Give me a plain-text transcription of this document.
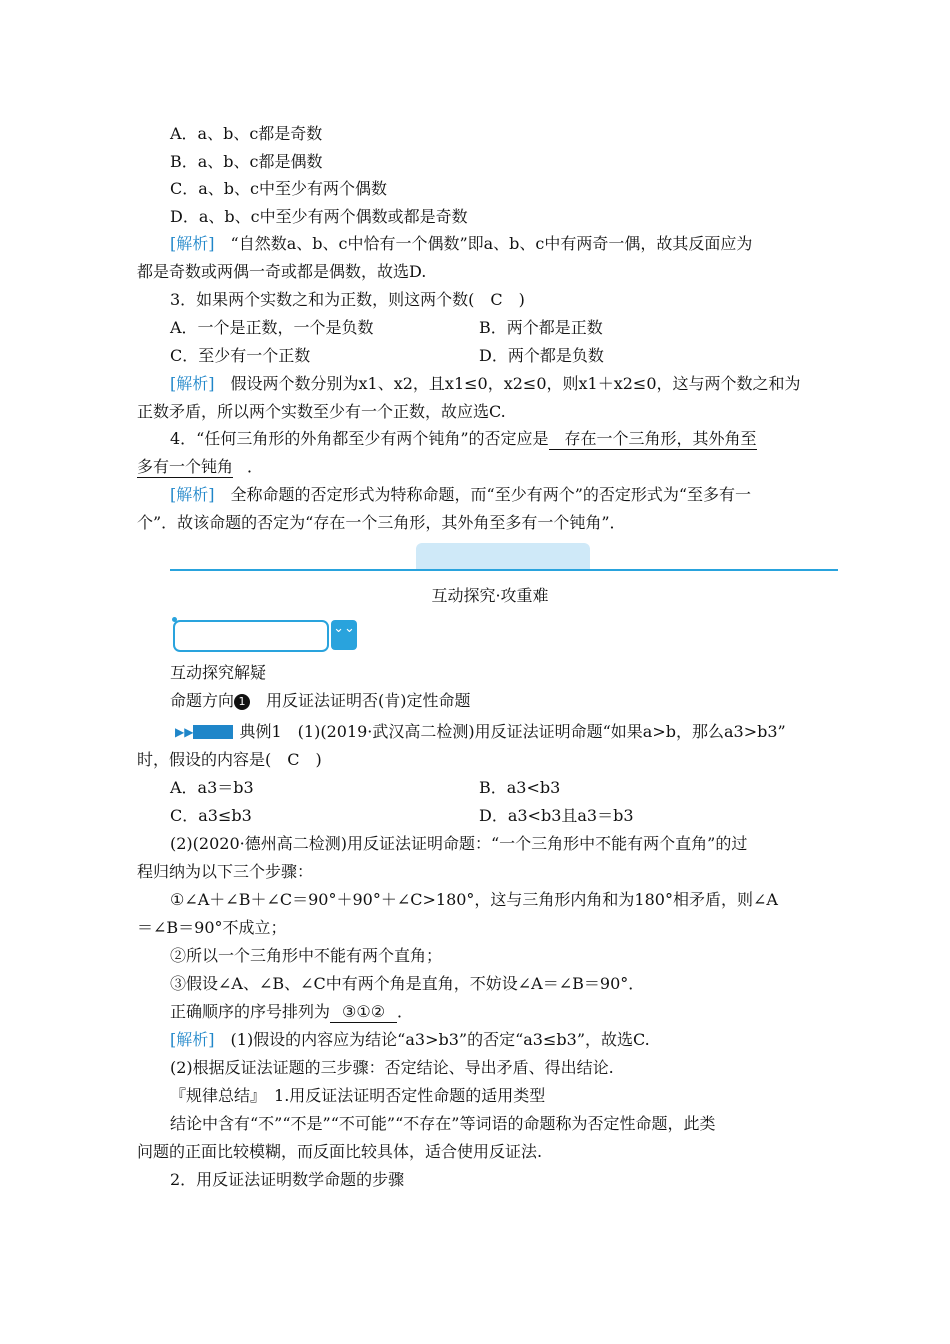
A．a、b、c都是奇数
B．a、b、c都是偶数
C．a、b、c中至少有两个偶数
D．a、b、c中至少有两个偶数或都是奇数
[解析]　 “自然数a、b、c中恰有一个偶数”即a、b、c中有两奇一偶，故其反面应为
都是奇数或两偶一奇或都是偶数，故选D.
3．如果两个实数之和为正数，则这两个数(　C　)
A．一个是正数，一个是负数	B．两个都是正数
C．至少有一个正数	D．两个都是负数
[解析]　 假设两个数分别为x1、x2，且x1≤0，x2≤0，则x1＋x2≤0，这与两个数之和为
正数矛盾，所以两个实数至少有一个正数，故应选C.
4．“任何三角形的外角都至少有两个钝角”的否定应是　存在一个三角形，其外角至
多有一个钝角 ．
[解析]　 全称命题的否定形式为特称命题，而“至少有两个”的否定形式为“至多有一
个”．故该命题的否定为“存在一个三角形，其外角至多有一个钝角”．
互动探究·攻重难
⌄⌄
互动探究解疑
命题方向 1　 用反证法证明否(肯)定性命题
▶▶	典例1　 (1)(2019·武汉高二检测)用反证法证明命题“如果a>b，那么a3>b3”
时，假设的内容是(　C　)
A．a3＝b3	B．a3<b3
C．a3≤b3	D．a3<b3且a3＝b3
(2)(2020·德州高二检测)用反证法证明命题：“一个三角形中不能有两个直角”的过
程归纳为以下三个步骤：
①∠A＋∠B＋∠C＝90°＋90°＋∠C>180°，这与三角形内角和为180°相矛盾，则∠A
＝∠B＝90°不成立；
②所以一个三角形中不能有两个直角；
③假设∠A、∠B、∠C中有两个角是直角，不妨设∠A＝∠B＝90°．
正确顺序的序号排列为 ③①② ．
[解析]　 (1)假设的内容应为结论“a3>b3”的否定“a3≤b3”，故选C.
(2)根据反证法证题的三步骤：否定结论、导出矛盾、得出结论.
『规律总结』　 1.用反证法证明否定性命题的适用类型
结论中含有“不”“不是”“不可能”“不存在”等词语的命题称为否定性命题，此类
问题的正面比较模糊，而反面比较具体，适合使用反证法.
2．用反证法证明数学命题的步骤
